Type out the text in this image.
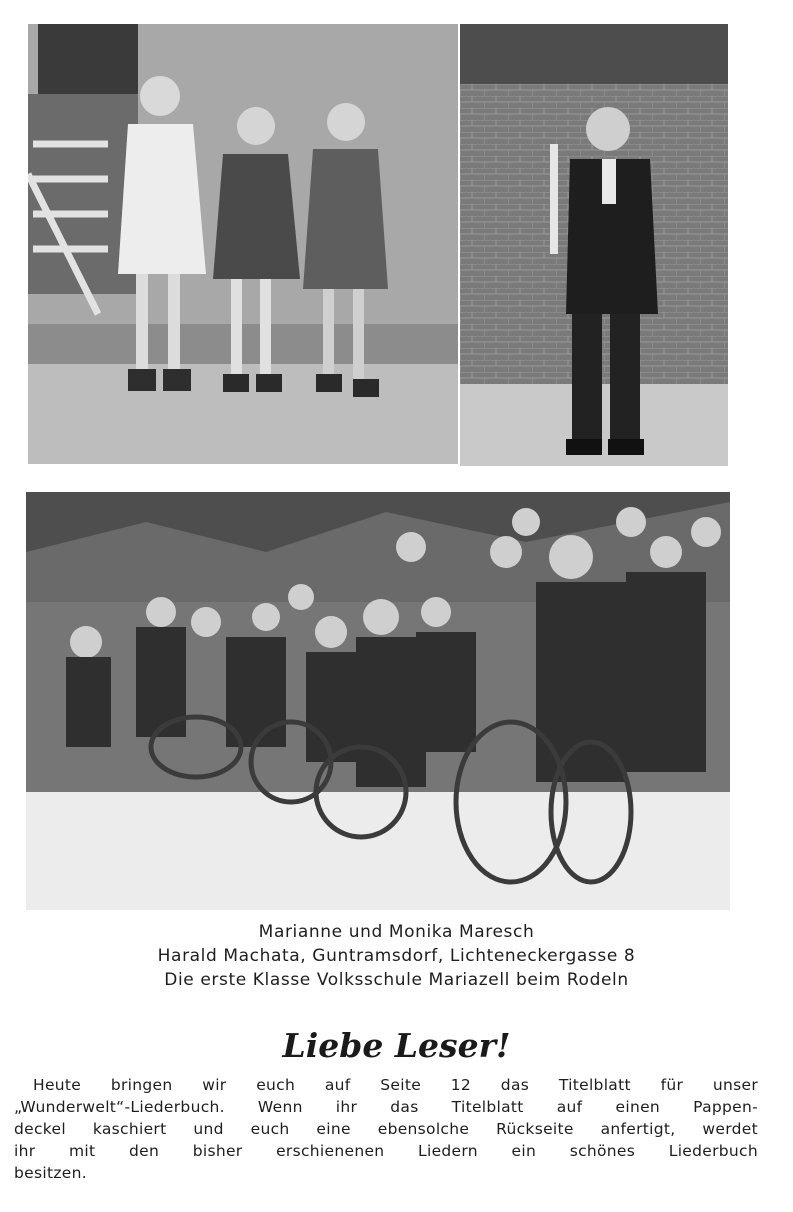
Marianne und Monika Maresch
Harald Machata, Guntramsdorf, Lichteneckergasse 8
Die erste Klasse Volksschule Mariazell beim Rodeln
Liebe Leser!
Heute bringen wir euch auf Seite 12 das Titelblatt für unser
„Wunderwelt“-Liederbuch. Wenn ihr das Titelblatt auf einen Pappen-
deckel kaschiert und euch eine ebensolche Rückseite anfertigt, werdet
ihr mit den bisher erschienenen Liedern ein schönes Liederbuch
besitzen.
